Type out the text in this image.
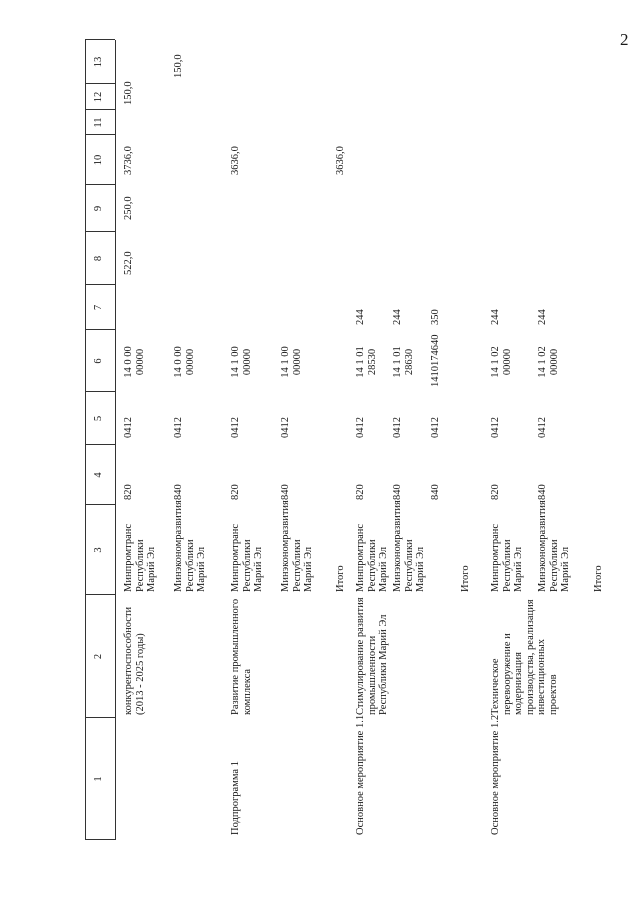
2
1
2
3
4
5
6
7
8
9
10
11
12
13
конкурентоспособности (2013 - 2025 годы)
Минпромтранс Республики Марий Эл
820
0412
14 0 00 00000
522,0
250,0
3736,0
150,0
Минэкономразвития Республики Марий Эл
840
0412
14 0 00 00000
150,0
Подпрограмма 1
Развитие промышленного комплекса
Минпромтранс Республики Марий Эл
820
0412
14 1 00 00000
3636,0
Минэкономразвития Республики Марий Эл
840
0412
14 1 00 00000
Итого
3636,0
Основное мероприятие 1.1
Стимулирование развития промышленности Республики Марий Эл
Минпромтранс Республики Марий Эл
820
0412
14 1 01 28530
244
Минэкономразвития Республики Марий Эл
840
0412
14 1 01 28630
244
840
0412
1410174640
350
Итого
Основное мероприятие 1.2
Техническое перевооружение и модернизация производства, реализация инвестиционных проектов
Минпромтранс Республики Марий Эл
820
0412
14 1 02 00000
244
Минэкономразвития Республики Марий Эл
840
0412
14 1 02 00000
244
Итого
